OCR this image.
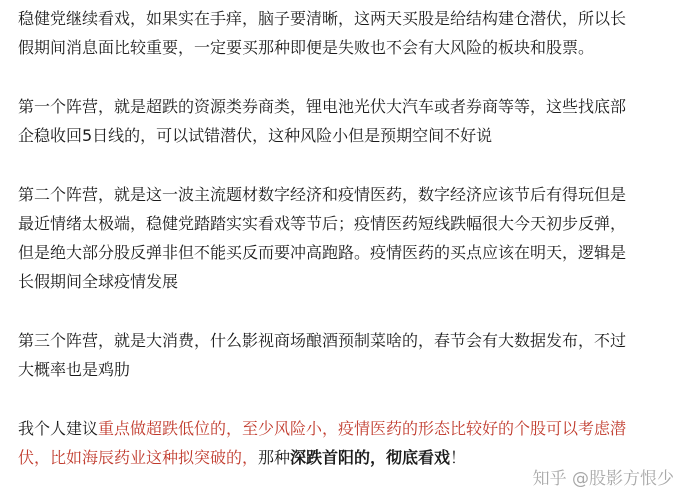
稳健党继续看戏，如果实在手痒，脑子要清晰，这两天买股是给结构建仓潜伏，所以长
假期间消息面比较重要，一定要买那种即便是失败也不会有大风险的板块和股票。
第一个阵营，就是超跌的资源类券商类，锂电池光伏大汽车或者券商等等，这些找底部
企稳收回5日线的，可以试错潜伏，这种风险小但是预期空间不好说
第二个阵营，就是这一波主流题材数字经济和疫情医药，数字经济应该节后有得玩但是
最近情绪太极端，稳健党踏踏实实看戏等节后；疫情医药短线跌幅很大今天初步反弹，
但是绝大部分股反弹非但不能买反而要冲高跑路。疫情医药的买点应该在明天，逻辑是
长假期间全球疫情发展
第三个阵营，就是大消费，什么影视商场酿酒预制菜啥的，春节会有大数据发布，不过
大概率也是鸡肋
我个人建议重点做超跌低位的，至少风险小，疫情医药的形态比较好的个股可以考虑潜
伏，比如海辰药业这种拟突破的，那种深跌首阳的，彻底看戏！
知乎 @股影方恨少
